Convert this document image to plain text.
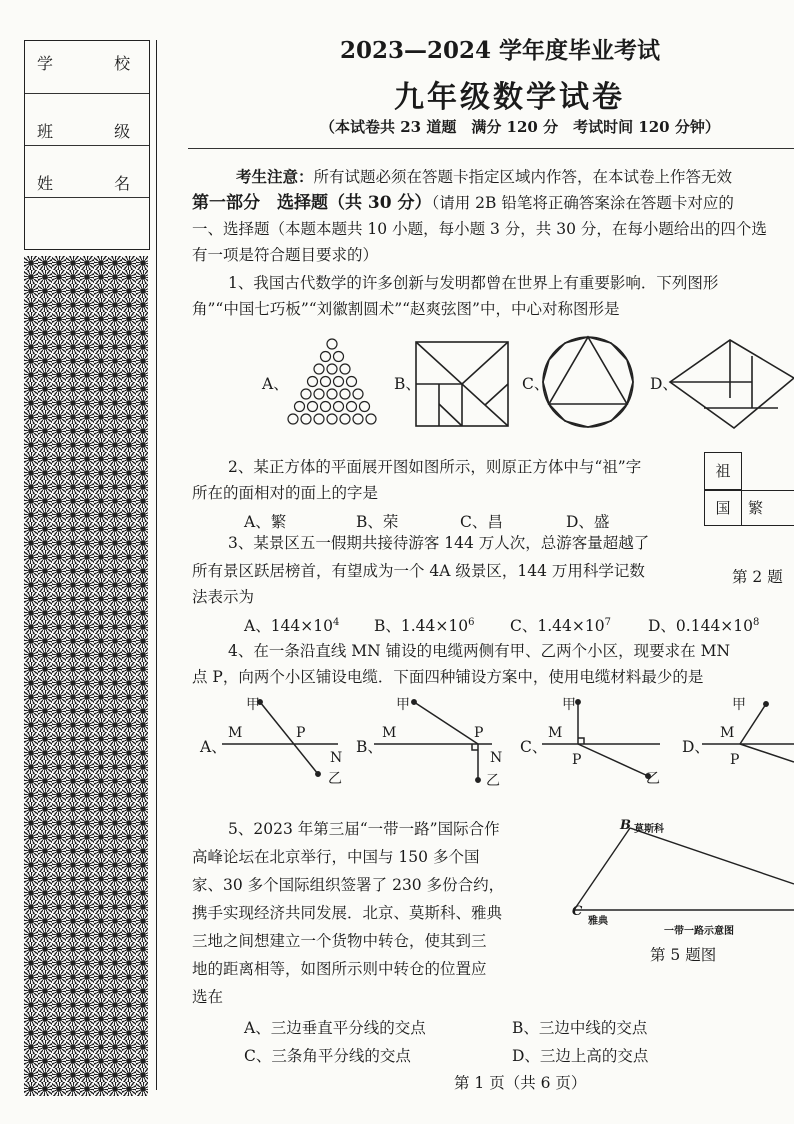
学 校
班 级
姓 名
2023—2024 学年度毕业考试
九年级数学试卷
（本试卷共 23 道题　满分 120 分　考试时间 120 分钟）
考生注意：所有试题必须在答题卡指定区域内作答，在本试卷上作答无效
第一部分　选择题（共 30 分）（请用 2B 铅笔将正确答案涂在答题卡对应的
一、选择题（本题本题共 10 小题，每小题 3 分，共 30 分，在每小题给出的四个选
有一项是符合题目要求的）
1、我国古代数学的许多创新与发明都曾在世界上有重要影响．下列图形
角”“中国七巧板”“刘徽割圆术”“赵爽弦图”中，中心对称图形是
A、	B、	C、	D、
2、某正方体的平面展开图如图所示，则原正方体中与“祖”字
所在的面相对的面上的字是
A、繁	B、荣	C、昌	D、盛
祖
国	繁
第 2 题
3、某景区五一假期共接待游客 144 万人次，总游客量超越了
所有景区跃居榜首，有望成为一个 4A 级景区，144 万用科学记数
法表示为
A、$144\times 10^4$ B、$1.44\times 10^6$ C、$1.44\times 10^7$ D、$0.144\times 10^8$
4、在一条沿直线 MN 铺设的电缆两侧有甲、乙两个小区，现要求在 MN
点 P，向两个小区铺设电缆．下面四种铺设方案中，使用电缆材料最少的是
A、	B、	C、	D、
M
甲
P
N
乙
M
甲
P
N
乙
M
甲
P
乙
M
甲
P
5、2023 年第三届“一带一路”国际合作
高峰论坛在北京举行，中国与 150 多个国
家、30 多个国际组织签署了 230 多份合约，
携手实现经济共同发展．北京、莫斯科、雅典
三地之间想建立一个货物中转仓，使其到三
地的距离相等，如图所示则中转仓的位置应
选在
B 莫斯科
C
雅典
一带一路示意图
第 5 题图
A、三边垂直平分线的交点	B、三边中线的交点
C、三条角平分线的交点	D、三边上高的交点
第 1 页（共 6 页）
